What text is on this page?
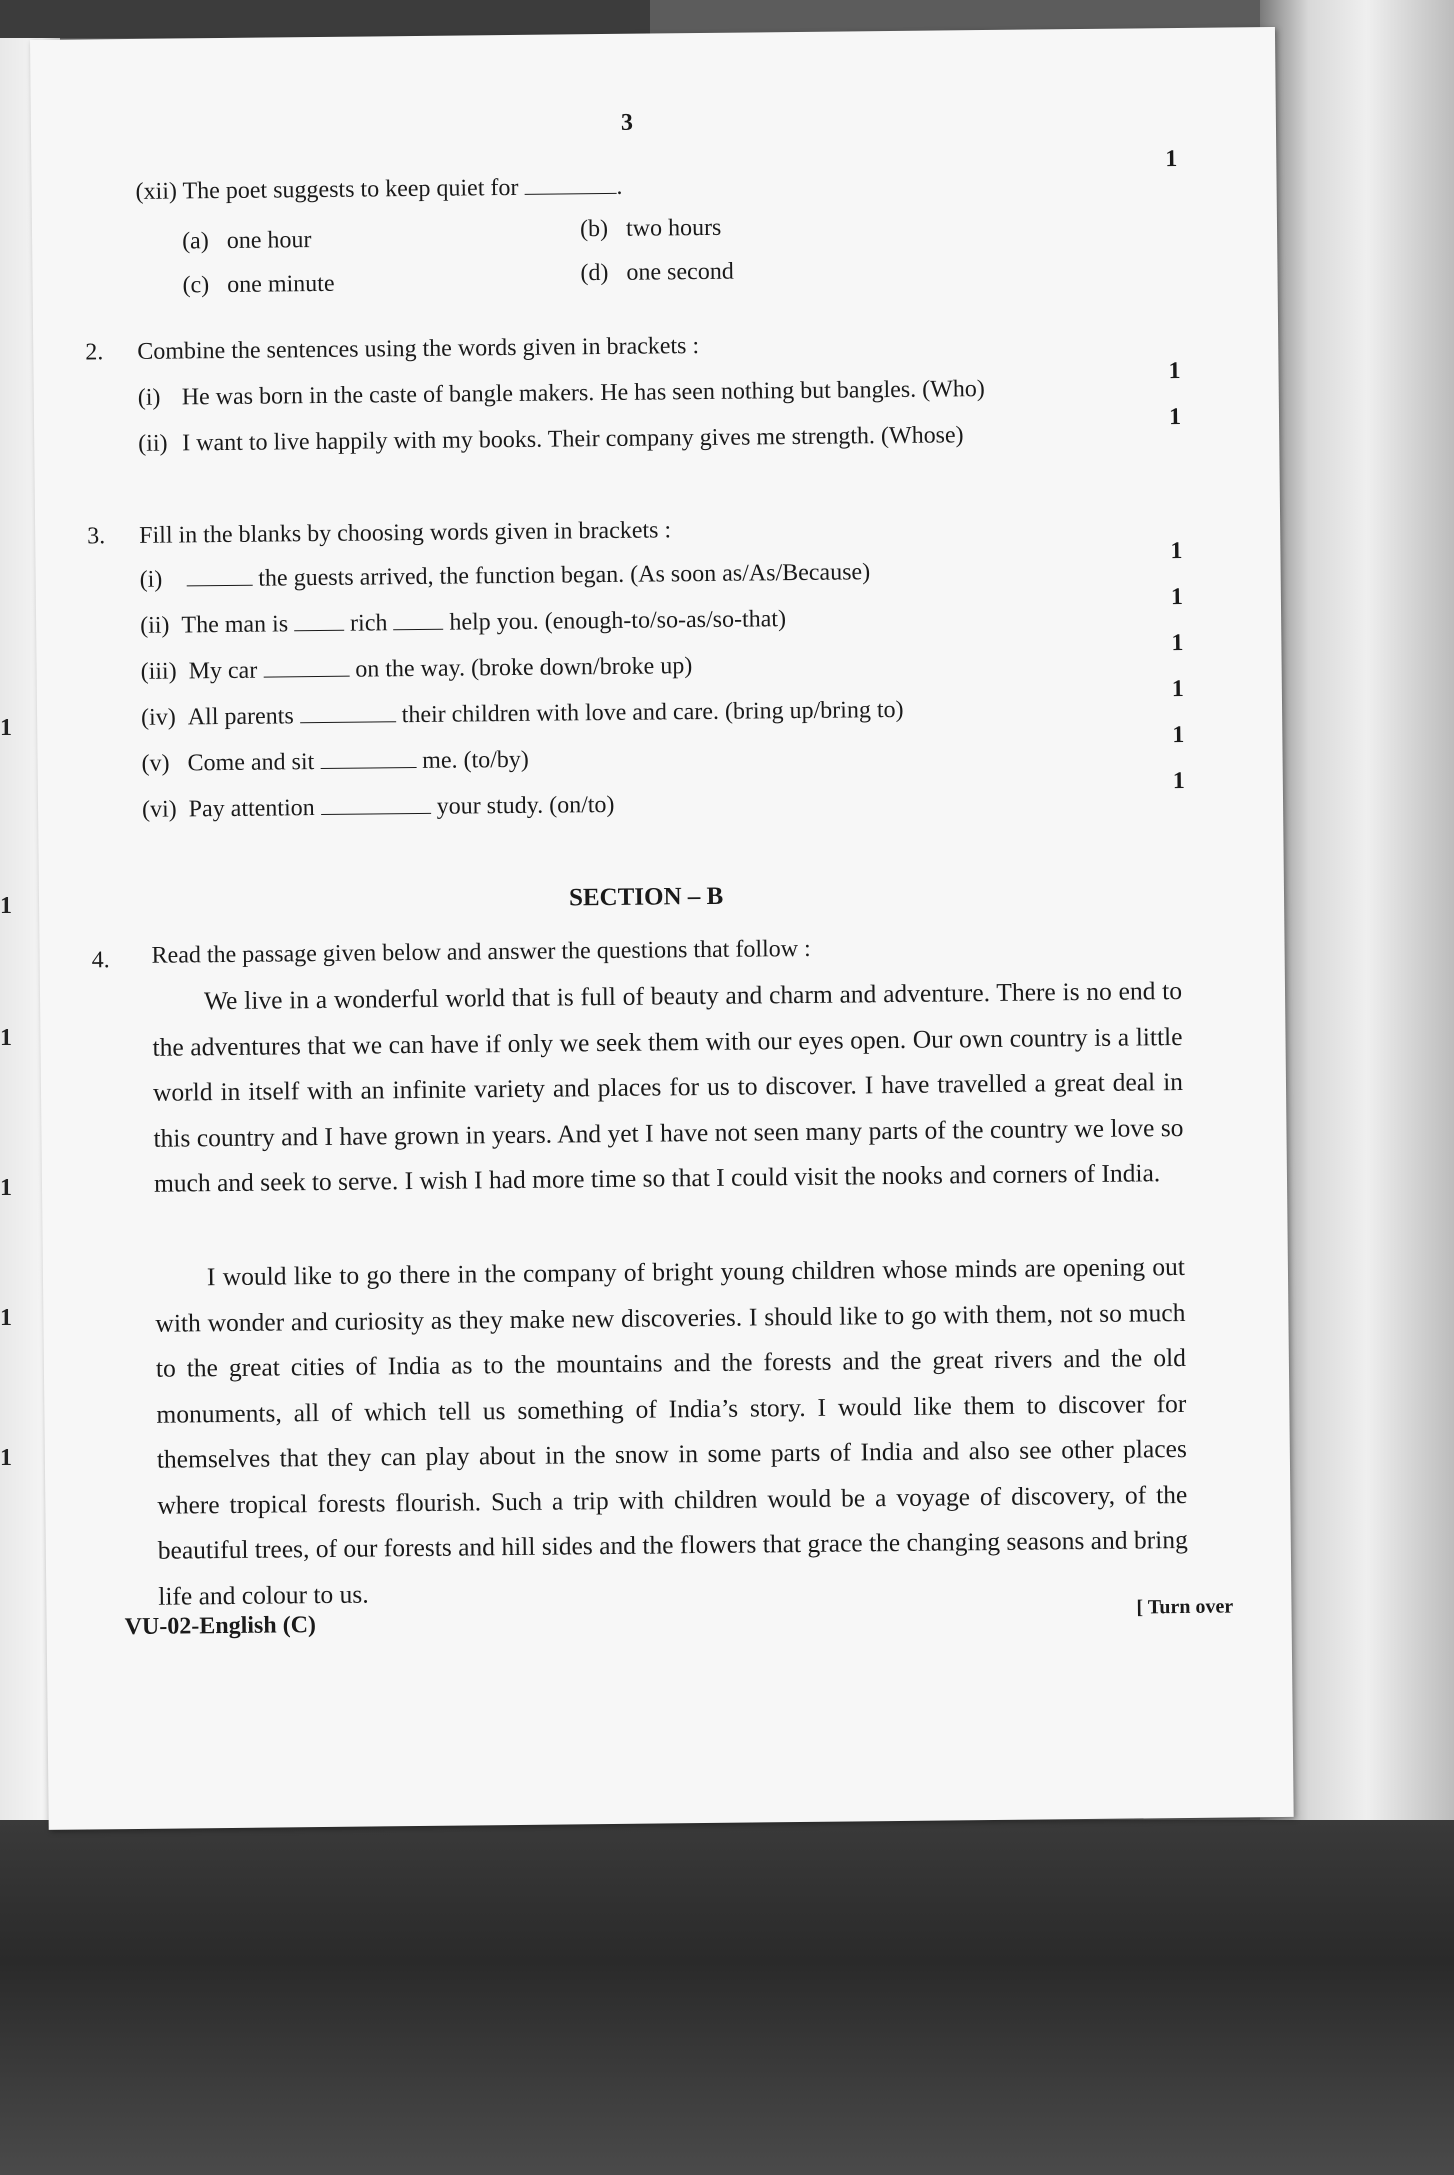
1
1
1
1
1
1
3
(xii) The poet suggests to keep quiet for	.
1
(a) one hour	(b) two hours
(c) one minute	(d) one second
2. Combine the sentences using the words given in brackets :
(i) He was born in the caste of bangle makers. He has seen nothing but bangles. (Who)
1
(ii) I want to live happily with my books. Their company gives me strength. (Whose)
1
3. Fill in the blanks by choosing words given in brackets :
(i)	the guests arrived, the function began. (As soon as/As/Because)
1
(ii) The man is	rich	help you. (enough-to/so-as/so-that)
1
(iii) My car	on the way. (broke down/broke up)
1
(iv) All parents	their children with love and care. (bring up/bring to)
1
(v) Come and sit	me. (to/by)
1
(vi) Pay attention	your study. (on/to)
1
SECTION – B
4. Read the passage given below and answer the questions that follow :
We live in a wonderful world that is full of beauty and charm and adventure. There is no end to the adventures that we can have if only we seek them with our eyes open. Our own country is a little world in itself with an infinite variety and places for us to discover. I have travelled a great deal in this country and I have grown in years. And yet I have not seen many parts of the country we love so much and seek to serve. I wish I had more time so that I could visit the nooks and corners of India.
I would like to go there in the company of bright young children whose minds are opening out with wonder and curiosity as they make new discoveries. I should like to go with them, not so much to the great cities of India as to the mountains and the forests and the great rivers and the old monuments, all of which tell us something of India’s story. I would like them to discover for themselves that they can play about in the snow in some parts of India and also see other places where tropical forests flourish. Such a trip with children would be a voyage of discovery, of the beautiful trees, of our forests and hill sides and the flowers that grace the changing seasons and bring life and colour to us.
VU-02-English (C)
[ Turn over
